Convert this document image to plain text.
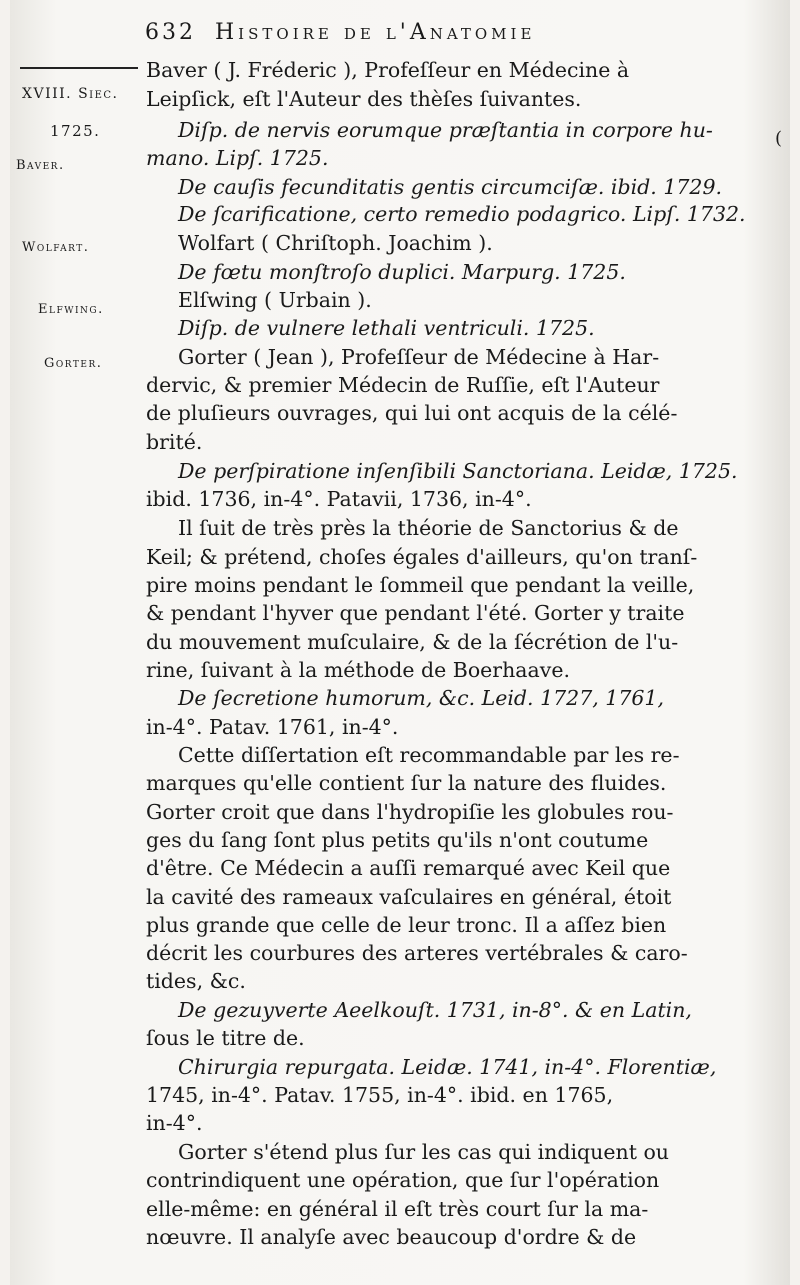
632 Histoire de l'Anatomie
XVIII. Siec.
1725.
Baver.
Wolfart.
Elfwing.
Gorter.
(
Baver ( J. Fréderic ), Profeſſeur en Médecine à
Leipſick, eſt l'Auteur des thèſes ſuivantes.
Diſp. de nervis eorumque præſtantia in corpore hu-
mano. Lipſ. 1725.
De cauſis fecunditatis gentis circumciſæ. ibid. 1729.
De ſcarificatione, certo remedio podagrico. Lipſ. 1732.
Wolfart ( Chriſtoph. Joachim ).
De fœtu monſtroſo duplici. Marpurg. 1725.
Elſwing ( Urbain ).
Diſp. de vulnere lethali ventriculi. 1725.
Gorter ( Jean ), Profeſſeur de Médecine à Har-
dervic, & premier Médecin de Ruſſie, eſt l'Auteur
de pluſieurs ouvrages, qui lui ont acquis de la célé-
brité.
De perſpiratione inſenſibili Sanctoriana. Leidæ, 1725.
ibid. 1736, in-4°. Patavii, 1736, in-4°.
Il ſuit de très près la théorie de Sanctorius & de
Keil; & prétend, choſes égales d'ailleurs, qu'on tranſ-
pire moins pendant le ſommeil que pendant la veille,
& pendant l'hyver que pendant l'été. Gorter y traite
du mouvement muſculaire, & de la ſécrétion de l'u-
rine, ſuivant à la méthode de Boerhaave.
De ſecretione humorum, &c. Leid. 1727, 1761,
in-4°. Patav. 1761, in-4°.
Cette diſſertation eſt recommandable par les re-
marques qu'elle contient ſur la nature des fluides.
Gorter croit que dans l'hydropiſie les globules rou-
ges du ſang ſont plus petits qu'ils n'ont coutume
d'être. Ce Médecin a auſſi remarqué avec Keil que
la cavité des rameaux vaſculaires en général, étoit
plus grande que celle de leur tronc. Il a aſſez bien
décrit les courbures des arteres vertébrales & caro-
tides, &c.
De gezuyverte Aeelkouſt. 1731, in-8°. & en Latin,
ſous le titre de.
Chirurgia repurgata. Leidæ. 1741, in-4°. Florentiæ,
1745, in-4°. Patav. 1755, in-4°. ibid. en 1765,
in-4°.
Gorter s'étend plus ſur les cas qui indiquent ou
contrindiquent une opération, que ſur l'opération
elle-même: en général il eſt très court ſur la ma-
nœuvre. Il analyſe avec beaucoup d'ordre & de
